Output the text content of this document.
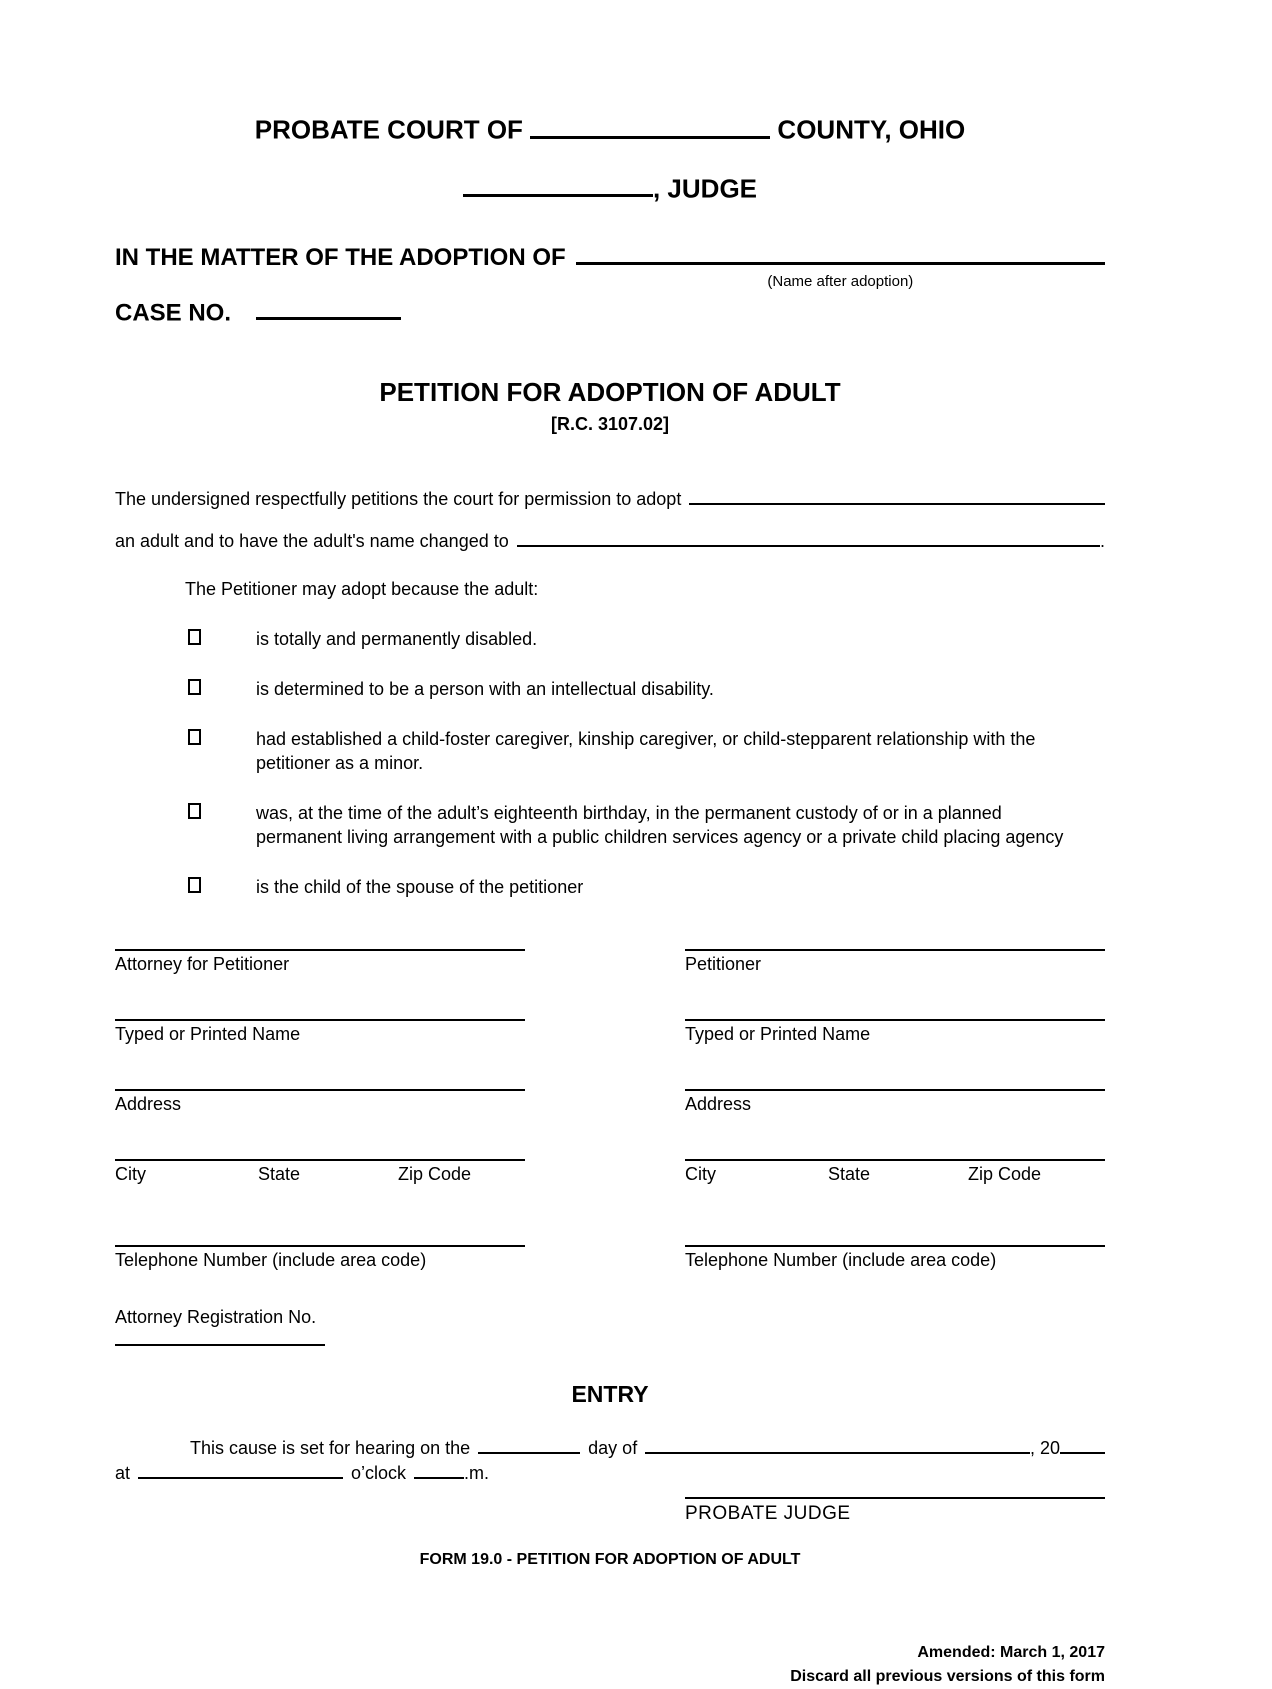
PROBATE COURT OF	COUNTY, OHIO
, JUDGE
IN THE MATTER OF THE ADOPTION OF
(Name after adoption)
CASE NO.
PETITION FOR ADOPTION OF ADULT
[R.C. 3107.02]
The undersigned respectfully petitions the court for permission to adopt
an adult and to have the adult's name changed to	.
The Petitioner may adopt because the adult:
is totally and permanently disabled.
is determined to be a person with an intellectual disability.
had established a child-foster caregiver, kinship caregiver, or child-stepparent relationship with the petitioner as a minor.
was, at the time of the adult’s eighteenth birthday, in the permanent custody of or in a planned permanent living arrangement with a public children services agency or a private child placing agency
is the child of the spouse of the petitioner
Attorney for Petitioner
Typed or Printed Name
Address
City	State	Zip Code
Telephone Number (include area code)
Attorney Registration No.
Petitioner
Typed or Printed Name
Address
City	State	Zip Code
Telephone Number (include area code)
ENTRY
This cause is set for hearing on the	day of	, 20
at	o’clock	.m.
PROBATE JUDGE
FORM 19.0 - PETITION FOR ADOPTION OF ADULT
Amended: March 1, 2017
Discard all previous versions of this form
